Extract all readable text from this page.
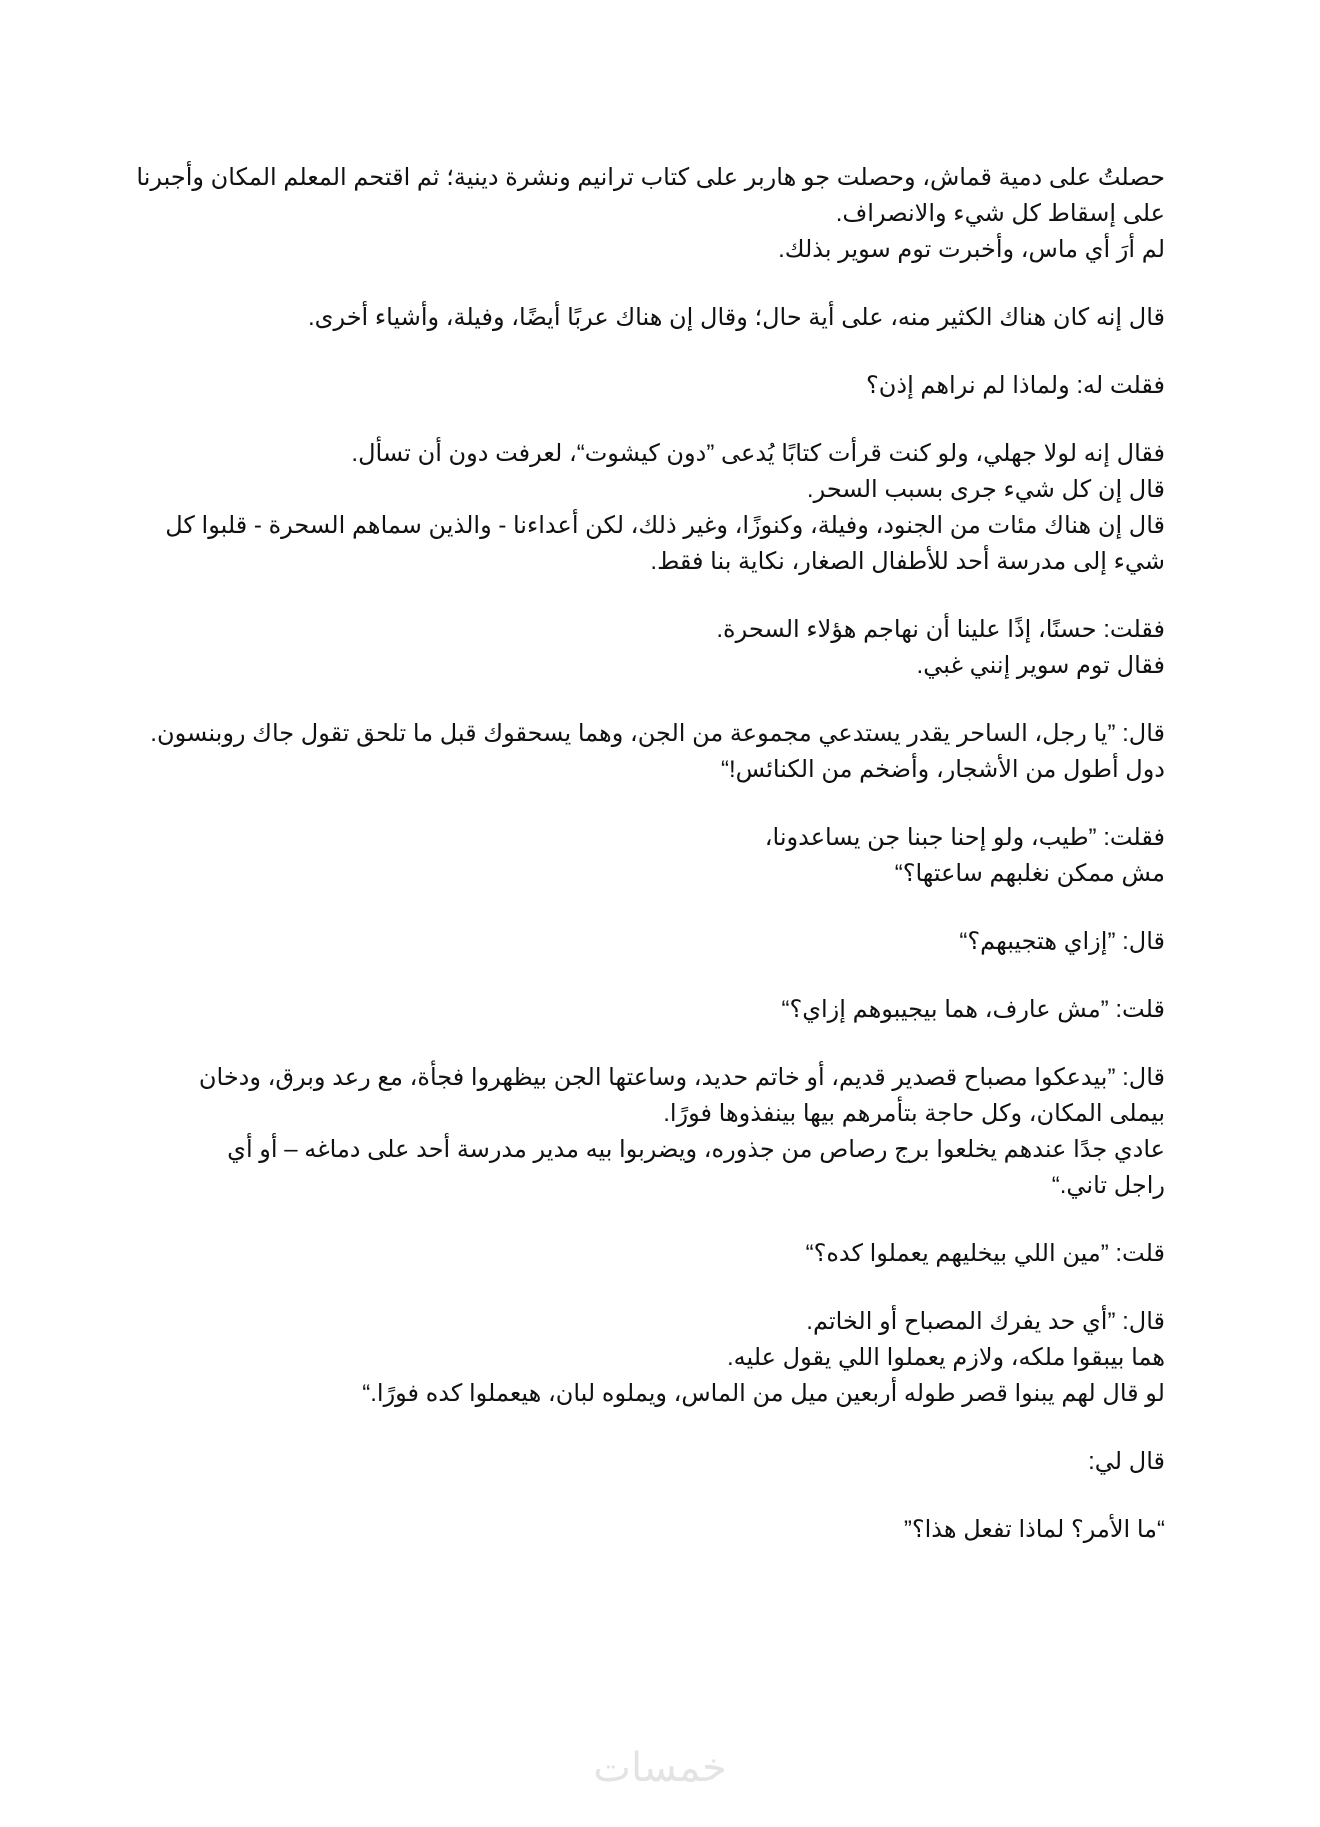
حصلتُ على دمية قماش، وحصلت جو هاربر على كتاب ترانيم ونشرة دينية؛ ثم اقتحم المعلم المكان وأجبرنا
على إسقاط كل شيء والانصراف.
لم أرَ أي ماس، وأخبرت توم سوير بذلك.
قال إنه كان هناك الكثير منه، على أية حال؛ وقال إن هناك عربًا أيضًا، وفيلة، وأشياء أخرى.
فقلت له: ولماذا لم نراهم إذن؟
فقال إنه لولا جهلي، ولو كنت قرأت كتابًا يُدعى ”دون كيشوت“، لعرفت دون أن تسأل.
قال إن كل شيء جرى بسبب السحر.
قال إن هناك مئات من الجنود، وفيلة، وكنوزًا، وغير ذلك، لكن أعداءنا - والذين سماهم السحرة - قلبوا كل
شيء إلى مدرسة أحد للأطفال الصغار، نكاية بنا فقط.
فقلت: حسنًا، إذًا علينا أن نهاجم هؤلاء السحرة.
فقال توم سوير إنني غبي.
قال: ”يا رجل، الساحر يقدر يستدعي مجموعة من الجن، وهما يسحقوك قبل ما تلحق تقول جاك روبنسون.
دول أطول من الأشجار، وأضخم من الكنائس!“
فقلت: ”طيب، ولو إحنا جبنا جن يساعدونا،
مش ممكن نغلبهم ساعتها؟“
قال: ”إزاي هتجيبهم؟“
قلت: ”مش عارف، هما بيجيبوهم إزاي؟“
قال: ”بيدعكوا مصباح قصدير قديم، أو خاتم حديد، وساعتها الجن بيظهروا فجأة، مع رعد وبرق، ودخان
بيملى المكان، وكل حاجة بتأمرهم بيها بينفذوها فورًا.
عادي جدًا عندهم يخلعوا برج رصاص من جذوره، ويضربوا بيه مدير مدرسة أحد على دماغه – أو أي
راجل تاني.“
قلت: ”مين اللي بيخليهم يعملوا كده؟“
قال: ”أي حد يفرك المصباح أو الخاتم.
هما بيبقوا ملكه، ولازم يعملوا اللي يقول عليه.
لو قال لهم يبنوا قصر طوله أربعين ميل من الماس، ويملوه لبان، هيعملوا كده فورًا.“
قال لي:
“ما الأمر؟ لماذا تفعل هذا؟”
خمسات
